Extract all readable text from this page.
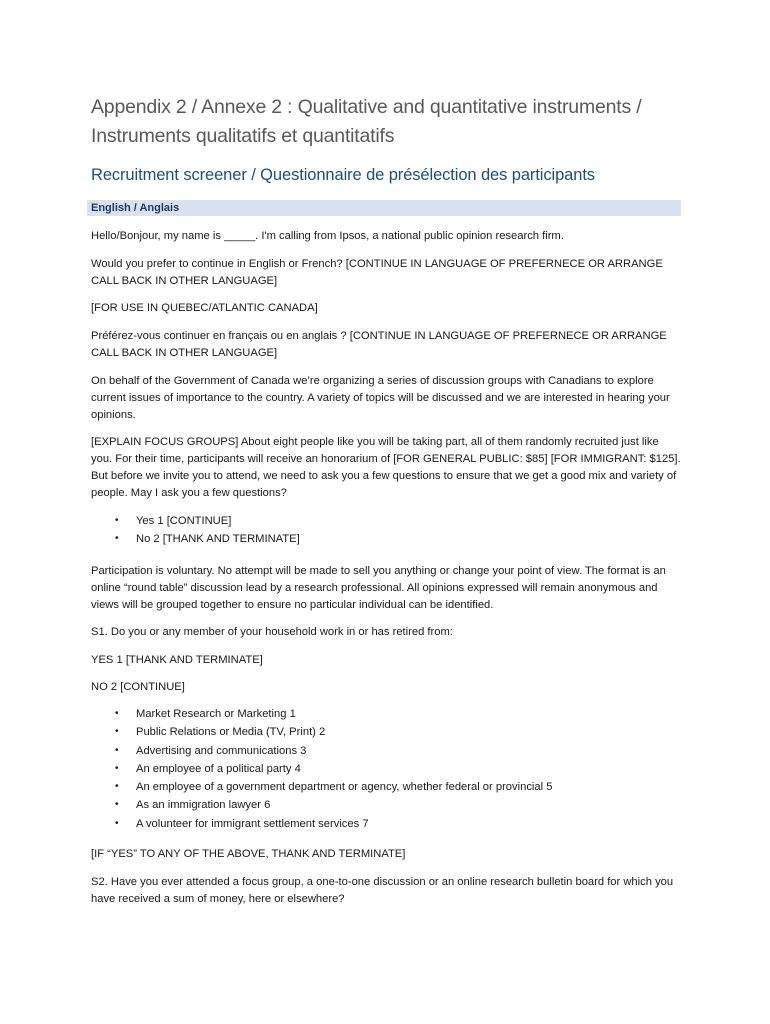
Appendix 2 / Annexe 2 : Qualitative and quantitative instruments /
Instruments qualitatifs et quantitatifs
Recruitment screener / Questionnaire de présélection des participants
English / Anglais

Hello/Bonjour, my name is _____. I'm calling from Ipsos, a national public opinion research firm.

Would you prefer to continue in English or French? [CONTINUE IN LANGUAGE OF PREFERNECE OR ARRANGE CALL BACK IN OTHER LANGUAGE]

[FOR USE IN QUEBEC/ATLANTIC CANADA]

Préférez-vous continuer en français ou en anglais ? [CONTINUE IN LANGUAGE OF PREFERNECE OR ARRANGE CALL BACK IN OTHER LANGUAGE]

On behalf of the Government of Canada we’re organizing a series of discussion groups with Canadians to explore current issues of importance to the country. A variety of topics will be discussed and we are interested in hearing your opinions.

[EXPLAIN FOCUS GROUPS] About eight people like you will be taking part, all of them randomly recruited just like you. For their time, participants will receive an honorarium of [FOR GENERAL PUBLIC: $85] [FOR IMMIGRANT: $125]. But before we invite you to attend, we need to ask you a few questions to ensure that we get a good mix and variety of people. May I ask you a few questions?

• Yes 1 [CONTINUE]
• No 2 [THANK AND TERMINATE]

Participation is voluntary. No attempt will be made to sell you anything or change your point of view. The format is an online “round table” discussion lead by a research professional. All opinions expressed will remain anonymous and views will be grouped together to ensure no particular individual can be identified.

S1. Do you or any member of your household work in or has retired from:

YES 1 [THANK AND TERMINATE]

NO 2 [CONTINUE]

• Market Research or Marketing 1
• Public Relations or Media (TV, Print) 2
• Advertising and communications 3
• An employee of a political party 4
• An employee of a government department or agency, whether federal or provincial 5
• As an immigration lawyer 6
• A volunteer for immigrant settlement services 7

[IF “YES” TO ANY OF THE ABOVE, THANK AND TERMINATE]

S2. Have you ever attended a focus group, a one-to-one discussion or an online research bulletin board for which you have received a sum of money, here or elsewhere?
